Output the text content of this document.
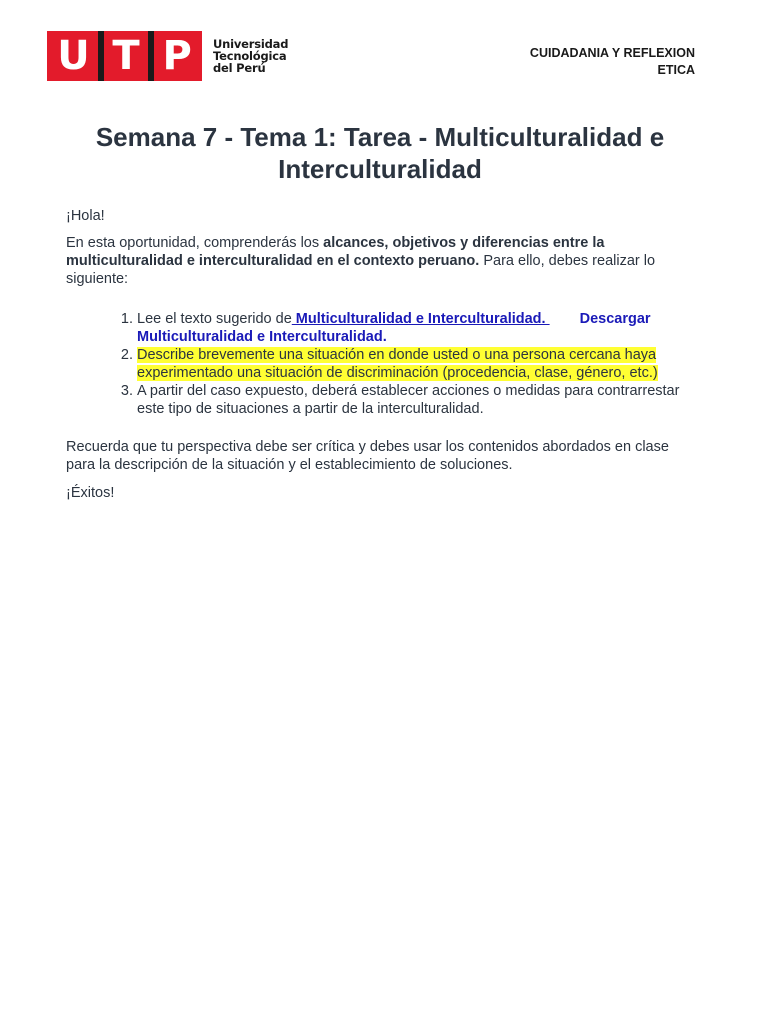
U T P Universidad
Tecnológica
del Perú
CUIDADANIA Y REFLEXION
ETICA
Semana 7 - Tema 1: Tarea - Multiculturalidad e Interculturalidad

¡Hola!

En esta oportunidad, comprenderás los alcances, objetivos y diferencias entre la multiculturalidad e interculturalidad en el contexto peruano. Para ello, debes realizar lo siguiente:

1. Lee el texto sugerido de Multiculturalidad e Interculturalidad. Descargar Multiculturalidad e Interculturalidad.
2. Describe brevemente una situación en donde usted o una persona cercana haya experimentado una situación de discriminación (procedencia, clase, género, etc.)
3. A partir del caso expuesto, deberá establecer acciones o medidas para contrarrestar este tipo de situaciones a partir de la interculturalidad.

Recuerda que tu perspectiva debe ser crítica y debes usar los contenidos abordados en clase para la descripción de la situación y el establecimiento de soluciones.

¡Éxitos!
